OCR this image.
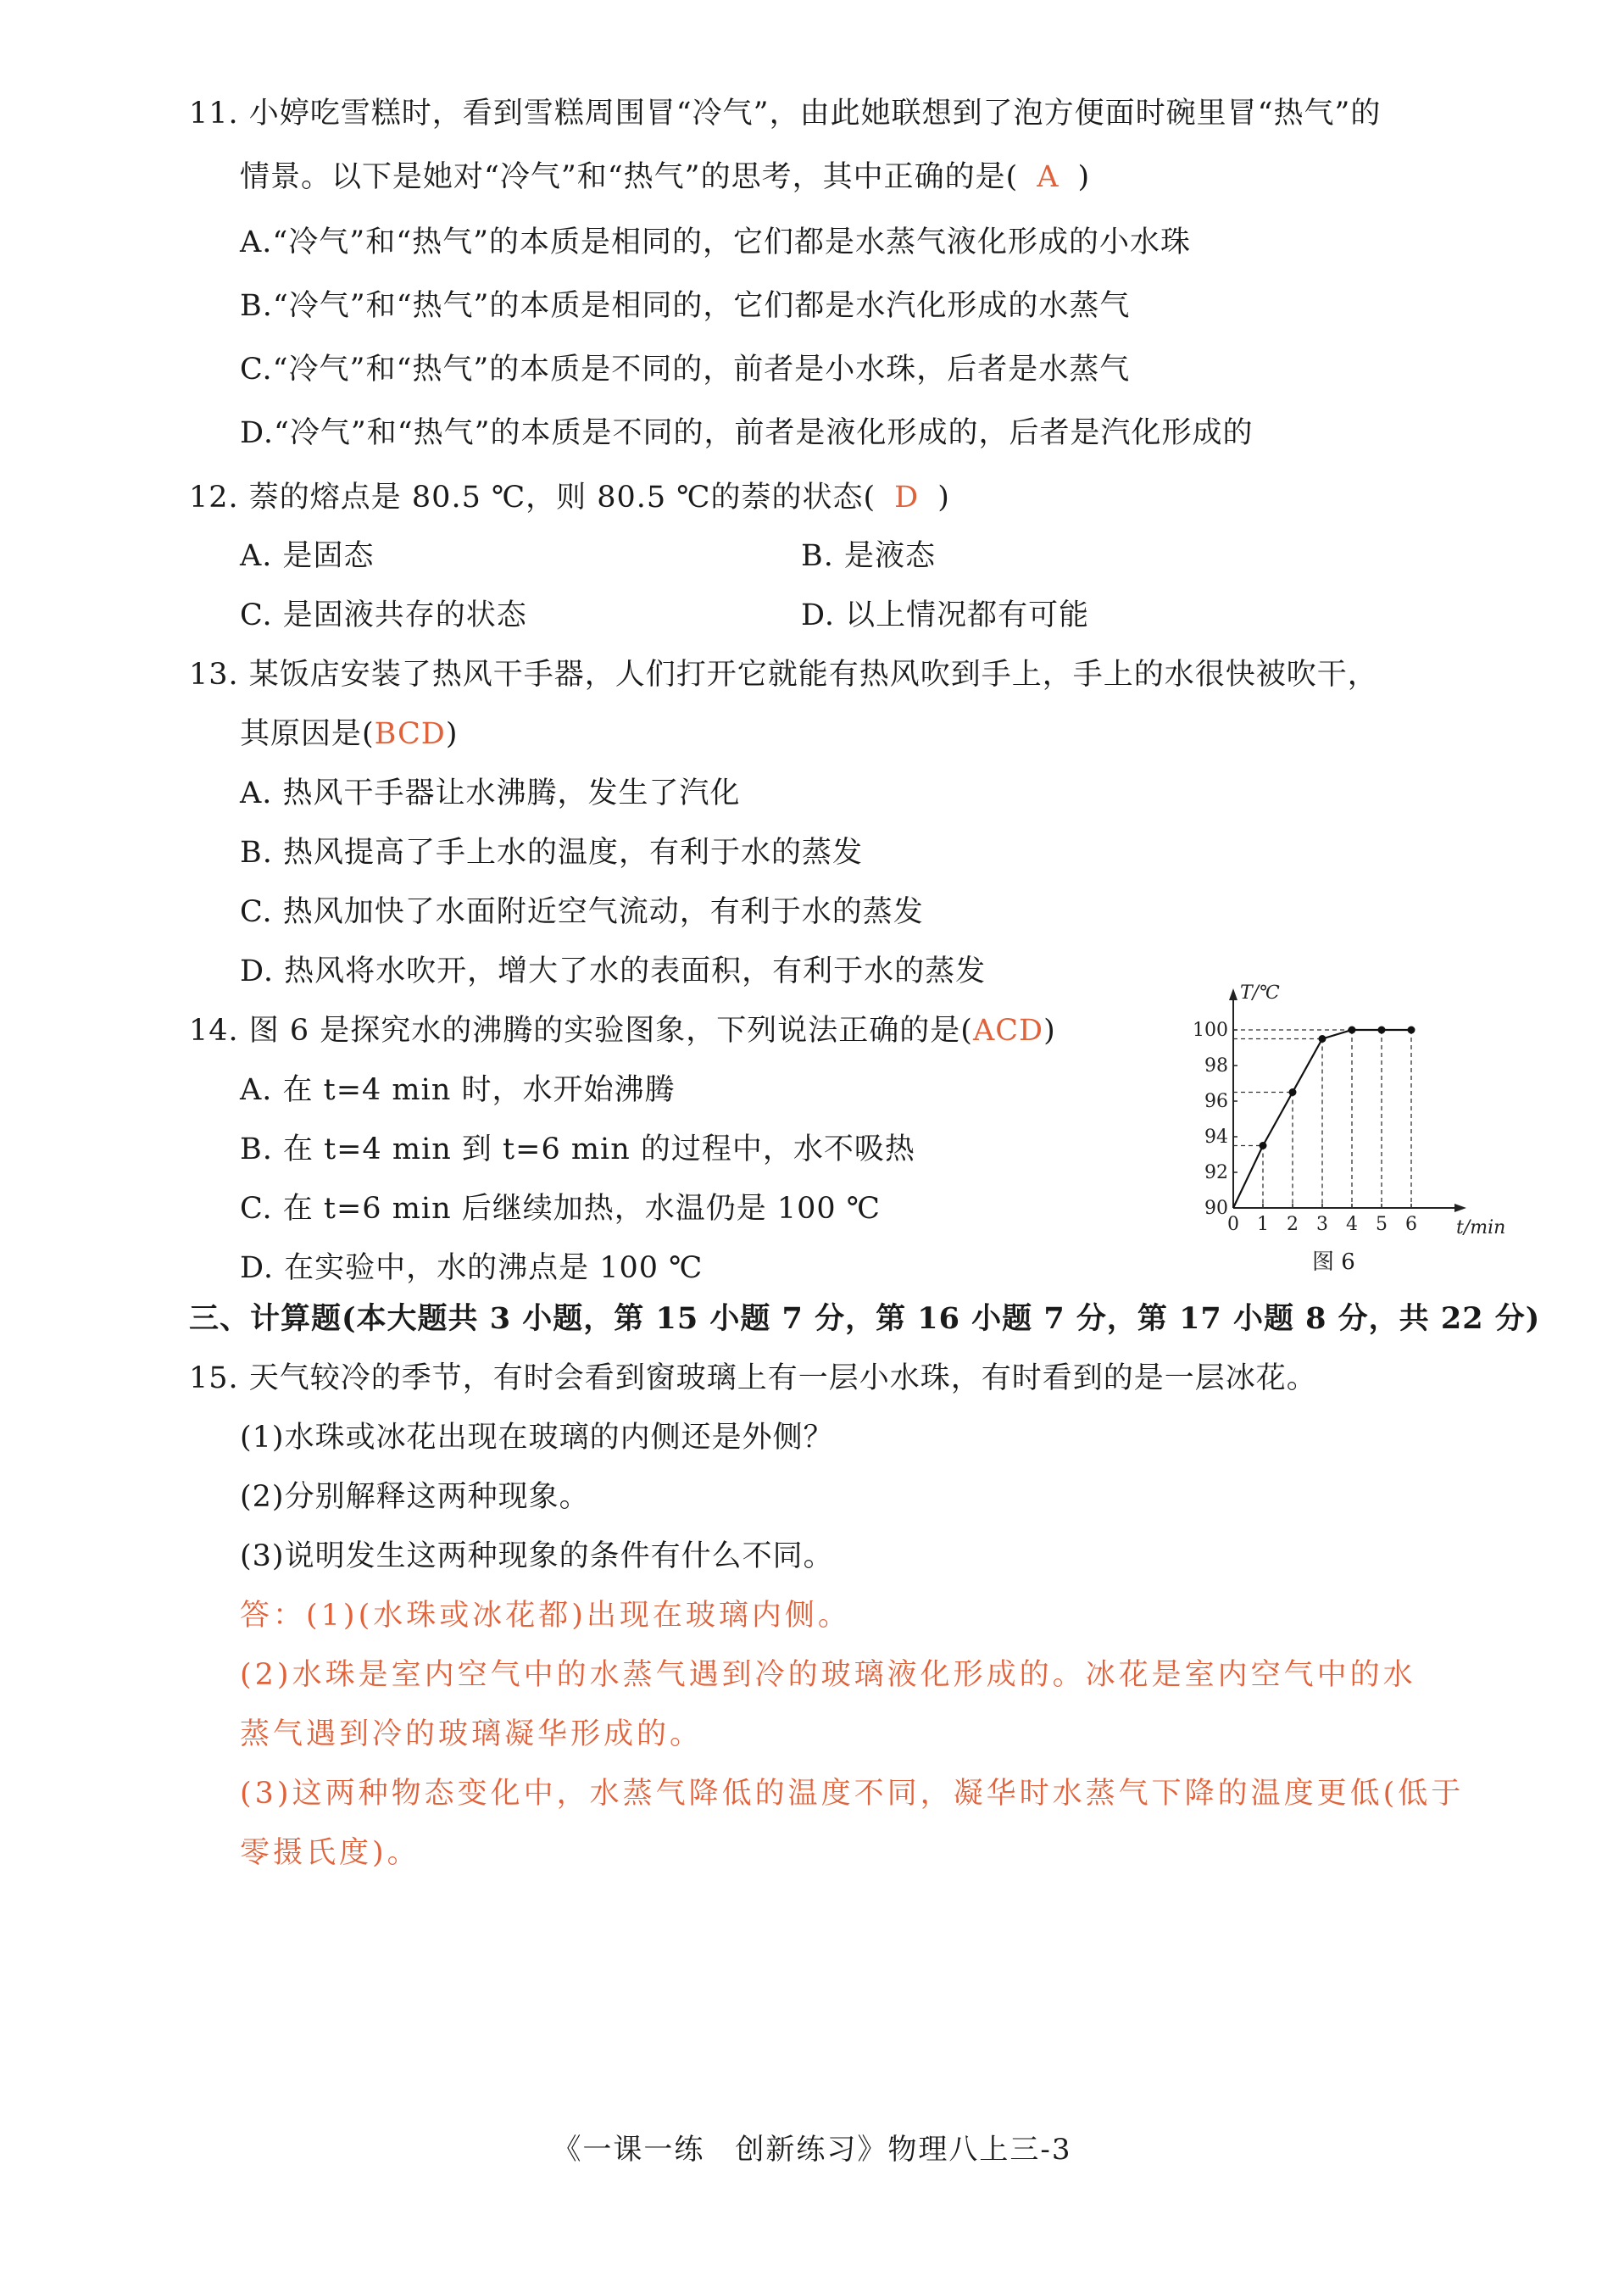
11. 小婷吃雪糕时，看到雪糕周围冒“冷气”，由此她联想到了泡方便面时碗里冒“热气”的
情景。以下是她对“冷气”和“热气”的思考，其中正确的是( A )
A.“冷气”和“热气”的本质是相同的，它们都是水蒸气液化形成的小水珠
B.“冷气”和“热气”的本质是相同的，它们都是水汽化形成的水蒸气
C.“冷气”和“热气”的本质是不同的，前者是小水珠，后者是水蒸气
D.“冷气”和“热气”的本质是不同的，前者是液化形成的，后者是汽化形成的
12. 萘的熔点是 80.5 ℃，则 80.5 ℃的萘的状态( D )
A. 是固态	B. 是液态
C. 是固液共存的状态	D. 以上情况都有可能
13. 某饭店安装了热风干手器，人们打开它就能有热风吹到手上，手上的水很快被吹干，
其原因是(BCD)
A. 热风干手器让水沸腾，发生了汽化
B. 热风提高了手上水的温度，有利于水的蒸发
C. 热风加快了水面附近空气流动，有利于水的蒸发
D. 热风将水吹开，增大了水的表面积，有利于水的蒸发
14. 图 6 是探究水的沸腾的实验图象，下列说法正确的是(ACD)
A. 在 t=4 min 时，水开始沸腾
B. 在 t=4 min 到 t=6 min 的过程中，水不吸热
C. 在 t=6 min 后继续加热，水温仍是 100 ℃
D. 在实验中，水的沸点是 100 ℃
T/℃
t/min
0 1 2 3 4 5 6
90
92
94
96
98
100
图 6
三、计算题(本大题共 3 小题，第 15 小题 7 分，第 16 小题 7 分，第 17 小题 8 分，共 22 分)
15. 天气较冷的季节，有时会看到窗玻璃上有一层小水珠，有时看到的是一层冰花。
(1)水珠或冰花出现在玻璃的内侧还是外侧？
(2)分别解释这两种现象。
(3)说明发生这两种现象的条件有什么不同。
答：(1)(水珠或冰花都)出现在玻璃内侧。
(2)水珠是室内空气中的水蒸气遇到冷的玻璃液化形成的。冰花是室内空气中的水
蒸气遇到冷的玻璃凝华形成的。
(3)这两种物态变化中，水蒸气降低的温度不同，凝华时水蒸气下降的温度更低(低于
零摄氏度)。
《一课一练　创新练习》物理八上三-3
